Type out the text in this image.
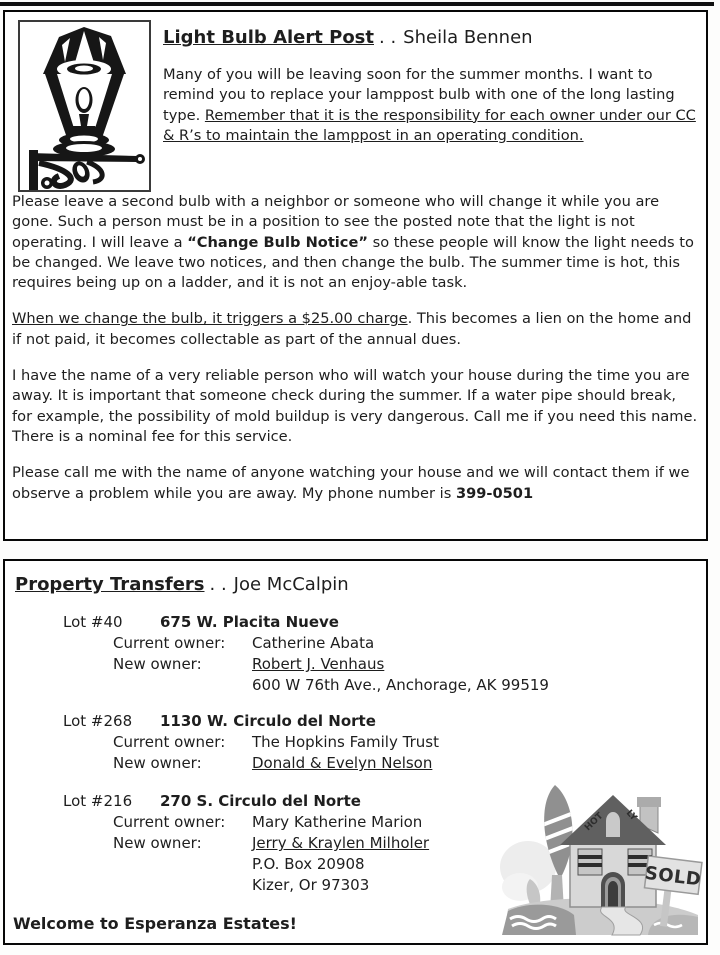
Light Bulb Alert Post . . Sheila Bennen

Many of you will be leaving soon for the summer months. I want to remind you to replace your lamppost bulb with one of the long lasting type. Remember that it is the responsibility for each owner under our CC & R’s to maintain the lamppost in an operating condition.

Please leave a second bulb with a neighbor or someone who will change it while you are gone. Such a person must be in a position to see the posted note that the light is not operating. I will leave a “Change Bulb Notice” so these people will know the light needs to be changed. We leave two notices, and then change the bulb. The summer time is hot, this requires being up on a ladder, and it is not an enjoy-able task.

When we change the bulb, it triggers a $25.00 charge. This becomes a lien on the home and if not paid, it becomes collectable as part of the annual dues.

I have the name of a very reliable person who will watch your house during the time you are away. It is important that someone check during the summer. If a water pipe should break, for example, the possibility of mold buildup is very dangerous. Call me if you need this name. There is a nominal fee for this service.

Please call me with the name of anyone watching your house and we will contact them if we observe a problem while you are away. My phone number is 399-0501

Property Transfers . . Joe McCalpin
Lot #40	675 W. Placita Nueve
Current owner:	Catherine Abata
New owner:	Robert J. Venhaus
600 W 76th Ave., Anchorage, AK 99519
Lot #268	1130 W. Circulo del Norte
Current owner:	The Hopkins Family Trust
New owner:	Donald & Evelyn Nelson
Lot #216	270 S. Circulo del Norte
Current owner:	Mary Katherine Marion
New owner:	Jerry & Kraylen Milholer
P.O. Box 20908
Kizer, Or 97303
Welcome to Esperanza Estates!
HOT LY
SOLD
